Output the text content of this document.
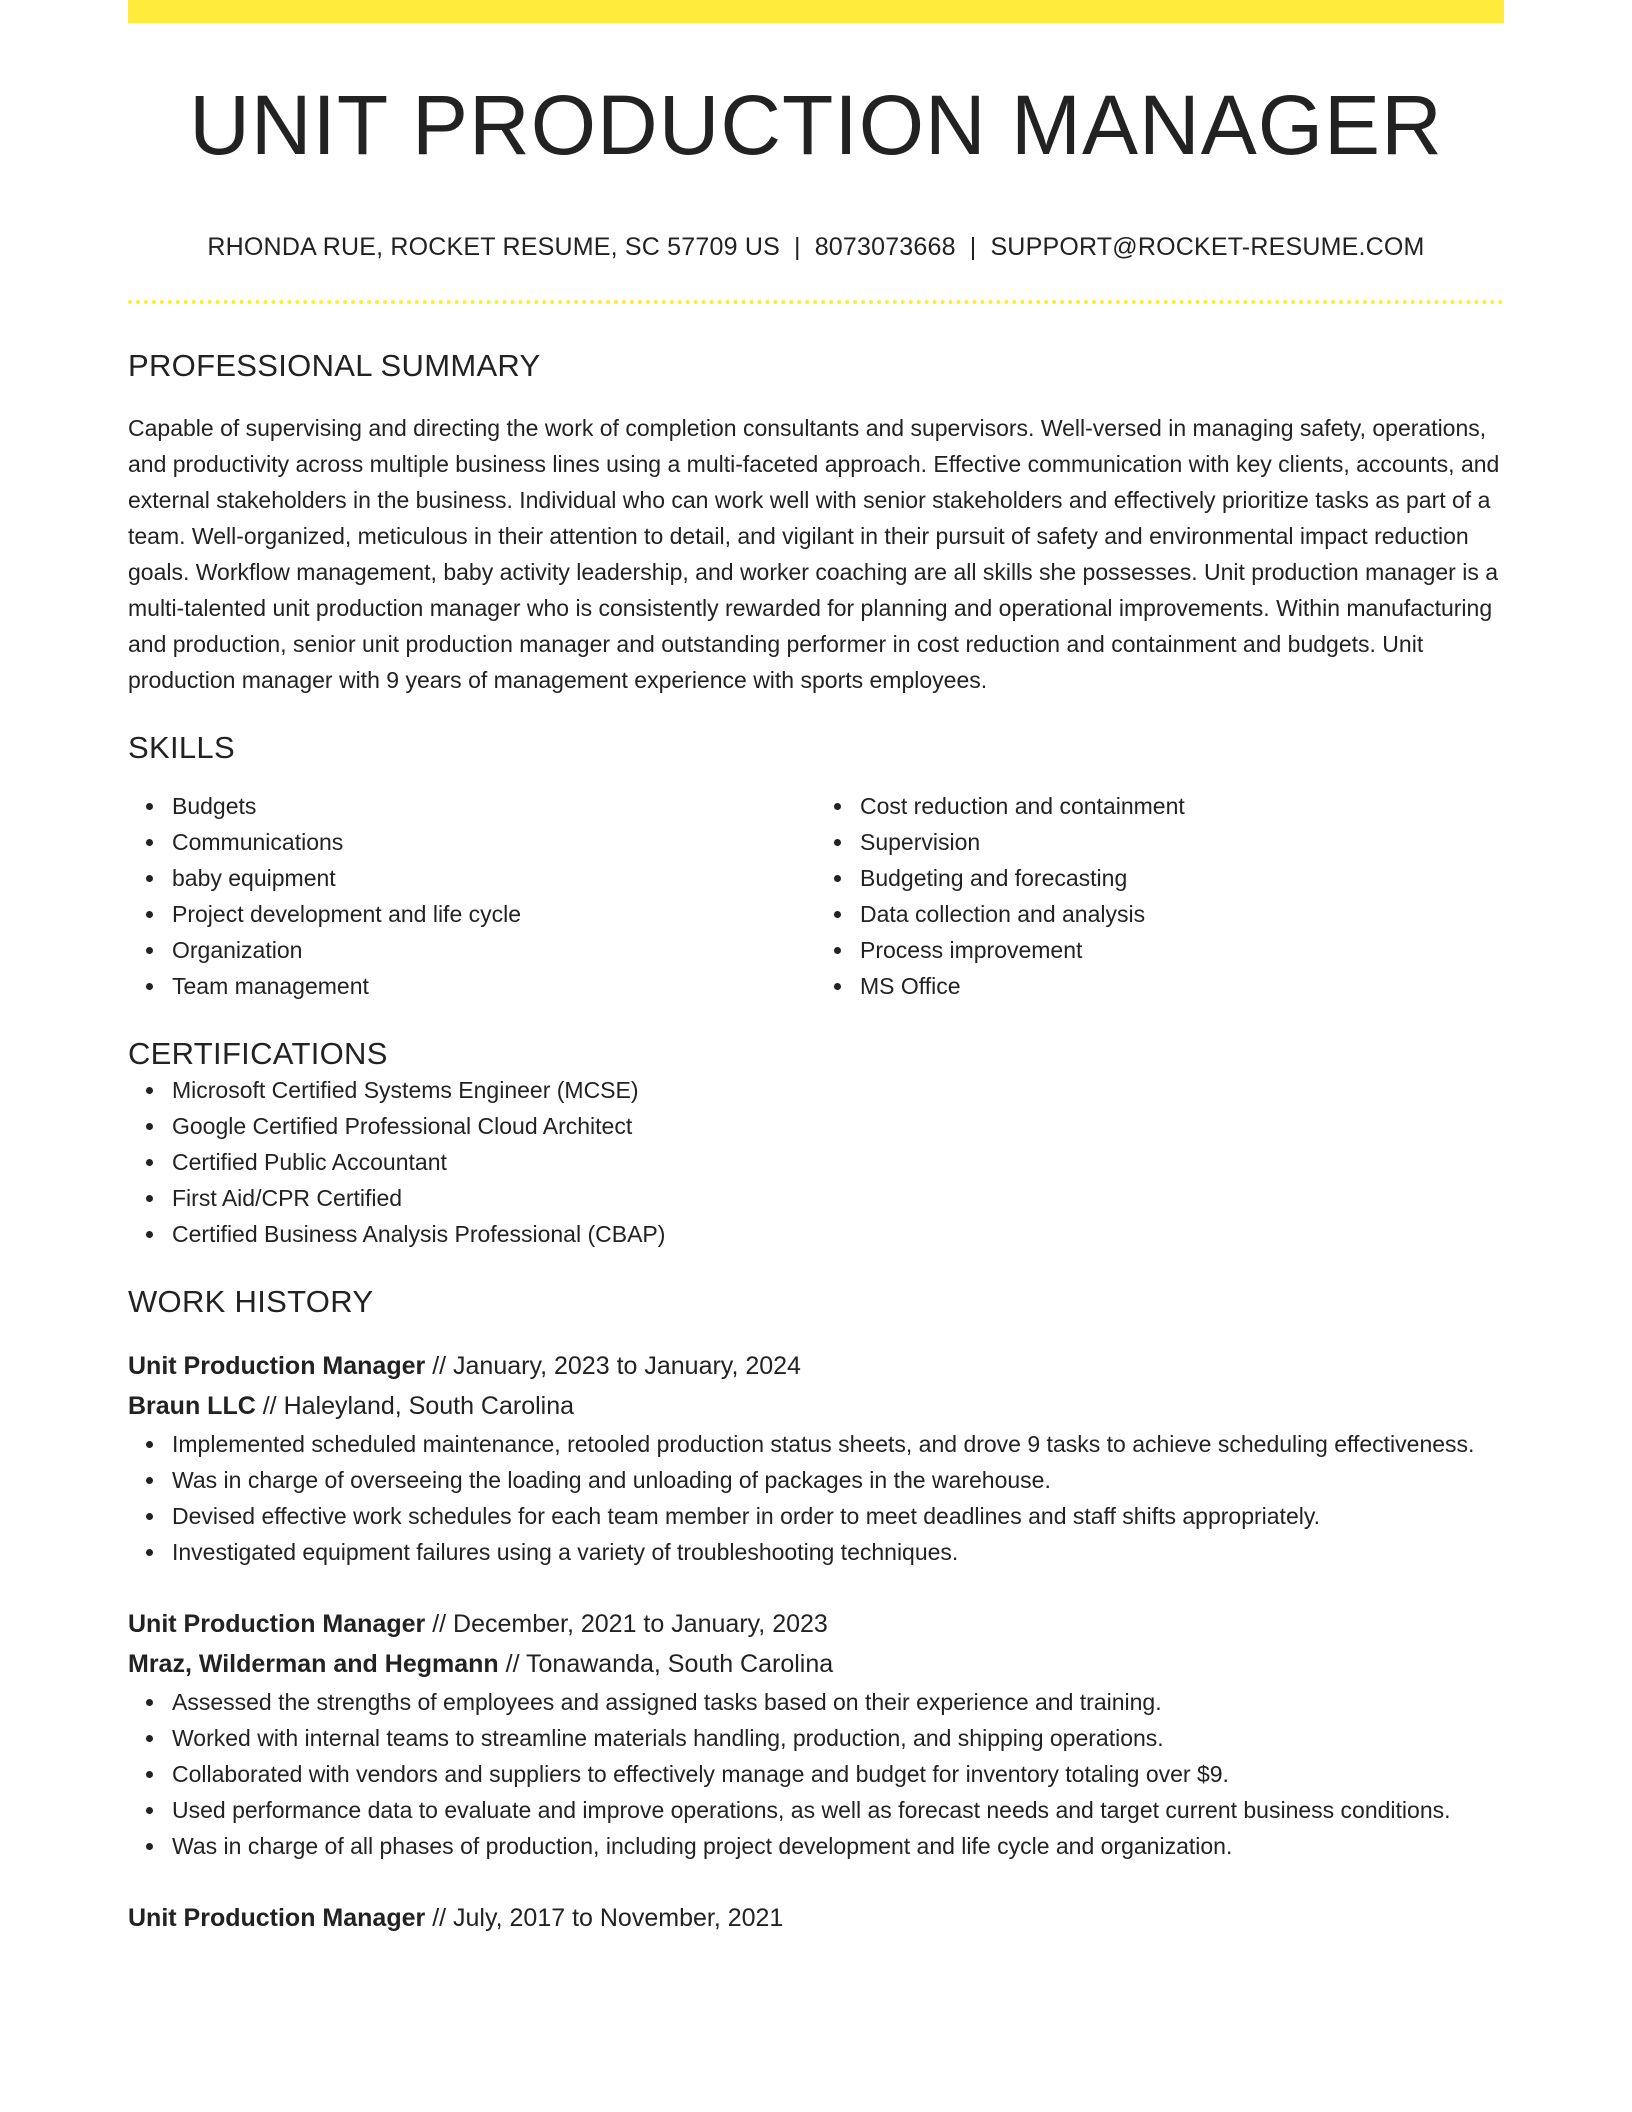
UNIT PRODUCTION MANAGER
RHONDA RUE, ROCKET RESUME, SC 57709 US | 8073073668 | SUPPORT@ROCKET-RESUME.COM
PROFESSIONAL SUMMARY
Capable of supervising and directing the work of completion consultants and supervisors. Well-versed in managing safety, operations, and productivity across multiple business lines using a multi-faceted approach. Effective communication with key clients, accounts, and external stakeholders in the business. Individual who can work well with senior stakeholders and effectively prioritize tasks as part of a team. Well-organized, meticulous in their attention to detail, and vigilant in their pursuit of safety and environmental impact reduction goals. Workflow management, baby activity leadership, and worker coaching are all skills she possesses. Unit production manager is a multi-talented unit production manager who is consistently rewarded for planning and operational improvements. Within manufacturing and production, senior unit production manager and outstanding performer in cost reduction and containment and budgets. Unit production manager with 9 years of management experience with sports employees.
SKILLS
Budgets
Communications
baby equipment
Project development and life cycle
Organization
Team management
Cost reduction and containment
Supervision
Budgeting and forecasting
Data collection and analysis
Process improvement
MS Office
CERTIFICATIONS
Microsoft Certified Systems Engineer (MCSE)
Google Certified Professional Cloud Architect
Certified Public Accountant
First Aid/CPR Certified
Certified Business Analysis Professional (CBAP)
WORK HISTORY
Unit Production Manager // January, 2023 to January, 2024
Braun LLC // Haleyland, South Carolina
Implemented scheduled maintenance, retooled production status sheets, and drove 9 tasks to achieve scheduling effectiveness.
Was in charge of overseeing the loading and unloading of packages in the warehouse.
Devised effective work schedules for each team member in order to meet deadlines and staff shifts appropriately.
Investigated equipment failures using a variety of troubleshooting techniques.
Unit Production Manager // December, 2021 to January, 2023
Mraz, Wilderman and Hegmann // Tonawanda, South Carolina
Assessed the strengths of employees and assigned tasks based on their experience and training.
Worked with internal teams to streamline materials handling, production, and shipping operations.
Collaborated with vendors and suppliers to effectively manage and budget for inventory totaling over $9.
Used performance data to evaluate and improve operations, as well as forecast needs and target current business conditions.
Was in charge of all phases of production, including project development and life cycle and organization.
Unit Production Manager // July, 2017 to November, 2021
